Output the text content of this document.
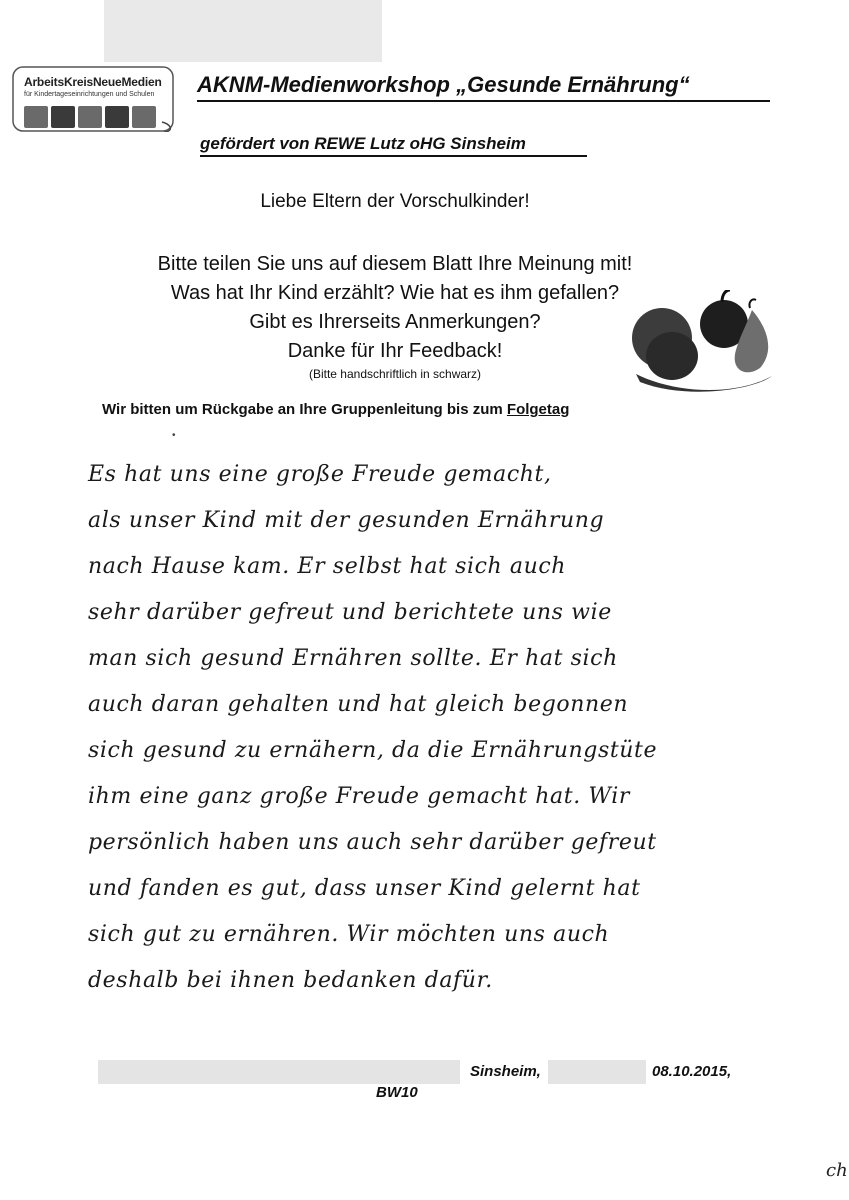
ArbeitsKreisNeueMedien
für Kindertageseinrichtungen und Schulen AKNM-Medienworkshop „Gesunde Ernährung“
gefördert von REWE Lutz oHG Sinsheim
Liebe Eltern der Vorschulkinder!
Bitte teilen Sie uns auf diesem Blatt Ihre Meinung mit!
Was hat Ihr Kind erzählt? Wie hat es ihm gefallen?
Gibt es Ihrerseits Anmerkungen?
Danke für Ihr Feedback!
(Bitte handschriftlich in schwarz)
Wir bitten um Rückgabe an Ihre Gruppenleitung bis zum Folgetag
•
Es hat uns eine große Freude gemacht,
als unser Kind mit der gesunden Ernährung
nach Hause kam. Er selbst hat sich auch
sehr darüber gefreut und berichtete uns wie
man sich gesund Ernähren sollte. Er hat sich
auch daran gehalten und hat gleich begonnen
sich gesund zu ernähern, da die Ernährungstüte
ihm eine ganz große Freude gemacht hat. Wir
persönlich haben uns auch sehr darüber gefreut
und fanden es gut, dass unser Kind gelernt hat
sich gut zu ernähren. Wir möchten uns auch
deshalb bei ihnen bedanken dafür.
Sinsheim,	08.10.2015,
BW10
ch
